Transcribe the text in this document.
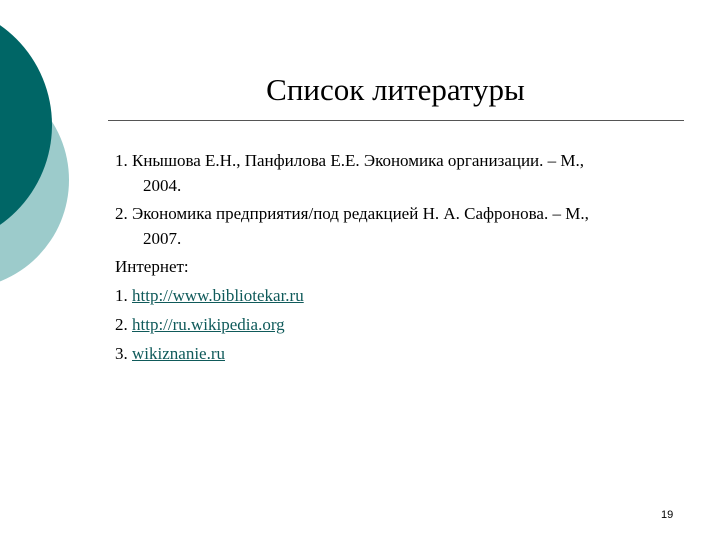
Список литературы
1. Кнышова Е.Н., Панфилова Е.Е. Экономика организации. – М.,
2004.
2. Экономика предприятия/под редакцией Н. А. Сафронова. – М.,
2007.
Интернет:
1. http://www.bibliotekar.ru
2. http://ru.wikipedia.org
3. wikiznanie.ru
19
